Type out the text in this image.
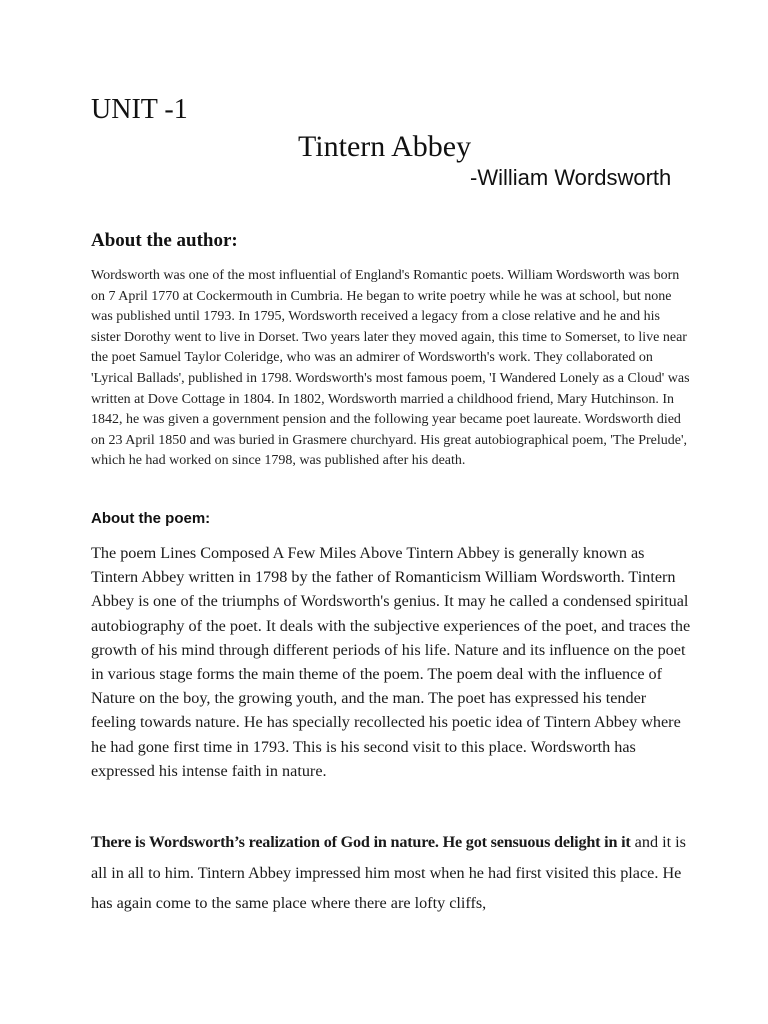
UNIT -1
Tintern Abbey
-William Wordsworth
About the author:

Wordsworth was one of the most influential of England's Romantic poets. William Wordsworth was born on 7 April 1770 at Cockermouth in Cumbria. He began to write poetry while he was at school, but none was published until 1793. In 1795, Wordsworth received a legacy from a close relative and he and his sister Dorothy went to live in Dorset. Two years later they moved again, this time to Somerset, to live near the poet Samuel Taylor Coleridge, who was an admirer of Wordsworth's work. They collaborated on 'Lyrical Ballads', published in 1798. Wordsworth's most famous poem, 'I Wandered Lonely as a Cloud' was written at Dove Cottage in 1804. In 1802, Wordsworth married a childhood friend, Mary Hutchinson. In 1842, he was given a government pension and the following year became poet laureate. Wordsworth died on 23 April 1850 and was buried in Grasmere churchyard. His great autobiographical poem, 'The Prelude', which he had worked on since 1798, was published after his death.

About the poem:

The poem Lines Composed A Few Miles Above Tintern Abbey is generally known as Tintern Abbey written in 1798 by the father of Romanticism William Wordsworth. Tintern Abbey is one of the triumphs of Wordsworth's genius. It may he called a condensed spiritual autobiography of the poet. It deals with the subjective experiences of the poet, and traces the growth of his mind through different periods of his life. Nature and its influence on the poet in various stage forms the main theme of the poem. The poem deal with the influence of Nature on the boy, the growing youth, and the man. The poet has expressed his tender feeling towards nature. He has specially recollected his poetic idea of Tintern Abbey where he had gone first time in 1793. This is his second visit to this place. Wordsworth has expressed his intense faith in nature.

There is Wordsworth’s realization of God in nature. He got sensuous delight in it and it is all in all to him. Tintern Abbey impressed him most when he had first visited this place. He has again come to the same place where there are lofty cliffs,
